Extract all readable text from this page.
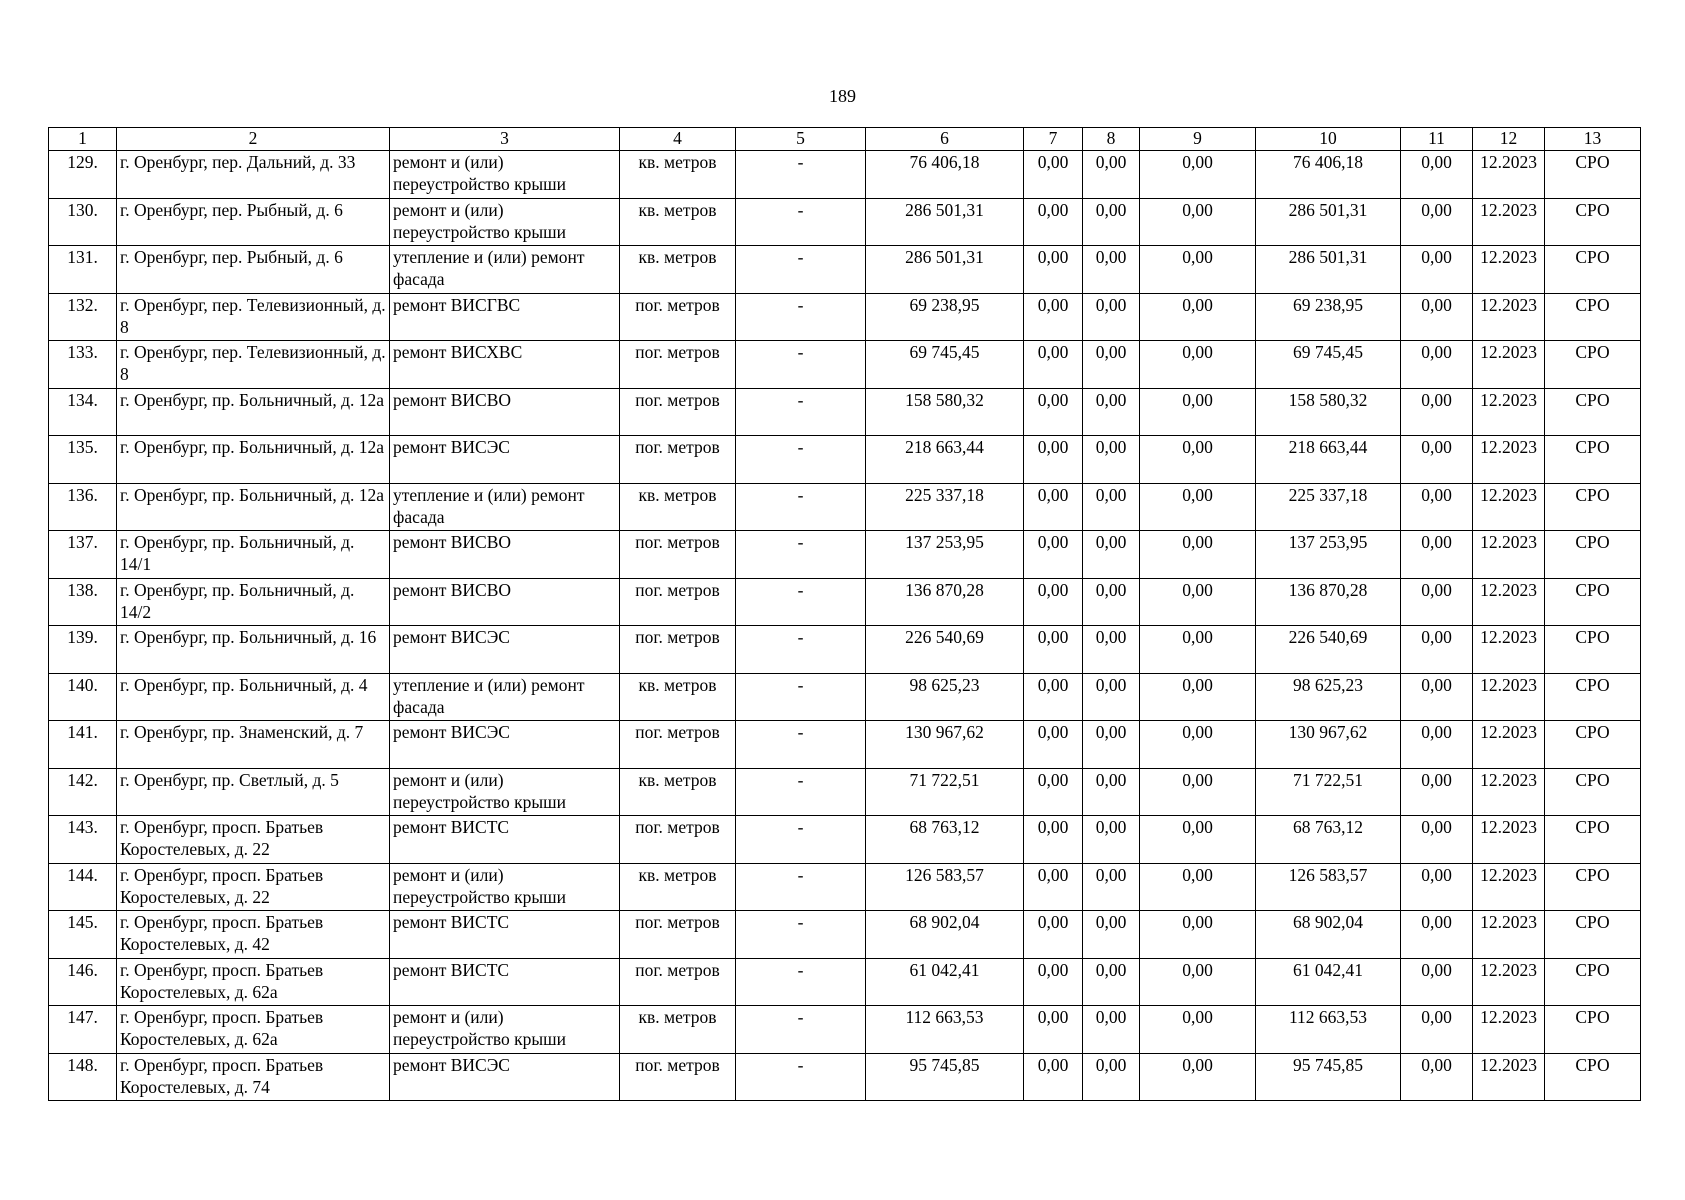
189
1	2	3	4	5	6	7	8	9	10	11	12	13
129.	г. Оренбург, пер. Дальний, д. 33	ремонт и (или) переустройство крыши	кв. метров	-	76 406,18	0,00	0,00	0,00	76 406,18	0,00	12.2023	СРО
130.	г. Оренбург, пер. Рыбный, д. 6	ремонт и (или) переустройство крыши	кв. метров	-	286 501,31	0,00	0,00	0,00	286 501,31	0,00	12.2023	СРО
131.	г. Оренбург, пер. Рыбный, д. 6	утепление и (или) ремонт фасада	кв. метров	-	286 501,31	0,00	0,00	0,00	286 501,31	0,00	12.2023	СРО
132.	г. Оренбург, пер. Телевизионный, д. 8	ремонт ВИСГВС	пог. метров	-	69 238,95	0,00	0,00	0,00	69 238,95	0,00	12.2023	СРО
133.	г. Оренбург, пер. Телевизионный, д. 8	ремонт ВИСХВС	пог. метров	-	69 745,45	0,00	0,00	0,00	69 745,45	0,00	12.2023	СРО
134.	г. Оренбург, пр. Больничный, д. 12а	ремонт ВИСВО	пог. метров	-	158 580,32	0,00	0,00	0,00	158 580,32	0,00	12.2023	СРО
135.	г. Оренбург, пр. Больничный, д. 12а	ремонт ВИСЭС	пог. метров	-	218 663,44	0,00	0,00	0,00	218 663,44	0,00	12.2023	СРО
136.	г. Оренбург, пр. Больничный, д. 12а	утепление и (или) ремонт фасада	кв. метров	-	225 337,18	0,00	0,00	0,00	225 337,18	0,00	12.2023	СРО
137.	г. Оренбург, пр. Больничный, д. 14/1	ремонт ВИСВО	пог. метров	-	137 253,95	0,00	0,00	0,00	137 253,95	0,00	12.2023	СРО
138.	г. Оренбург, пр. Больничный, д. 14/2	ремонт ВИСВО	пог. метров	-	136 870,28	0,00	0,00	0,00	136 870,28	0,00	12.2023	СРО
139.	г. Оренбург, пр. Больничный, д. 16	ремонт ВИСЭС	пог. метров	-	226 540,69	0,00	0,00	0,00	226 540,69	0,00	12.2023	СРО
140.	г. Оренбург, пр. Больничный, д. 4	утепление и (или) ремонт фасада	кв. метров	-	98 625,23	0,00	0,00	0,00	98 625,23	0,00	12.2023	СРО
141.	г. Оренбург, пр. Знаменский, д. 7	ремонт ВИСЭС	пог. метров	-	130 967,62	0,00	0,00	0,00	130 967,62	0,00	12.2023	СРО
142.	г. Оренбург, пр. Светлый, д. 5	ремонт и (или) переустройство крыши	кв. метров	-	71 722,51	0,00	0,00	0,00	71 722,51	0,00	12.2023	СРО
143.	г. Оренбург, просп. Братьев Коростелевых, д. 22	ремонт ВИСТС	пог. метров	-	68 763,12	0,00	0,00	0,00	68 763,12	0,00	12.2023	СРО
144.	г. Оренбург, просп. Братьев Коростелевых, д. 22	ремонт и (или) переустройство крыши	кв. метров	-	126 583,57	0,00	0,00	0,00	126 583,57	0,00	12.2023	СРО
145.	г. Оренбург, просп. Братьев Коростелевых, д. 42	ремонт ВИСТС	пог. метров	-	68 902,04	0,00	0,00	0,00	68 902,04	0,00	12.2023	СРО
146.	г. Оренбург, просп. Братьев Коростелевых, д. 62а	ремонт ВИСТС	пог. метров	-	61 042,41	0,00	0,00	0,00	61 042,41	0,00	12.2023	СРО
147.	г. Оренбург, просп. Братьев Коростелевых, д. 62а	ремонт и (или) переустройство крыши	кв. метров	-	112 663,53	0,00	0,00	0,00	112 663,53	0,00	12.2023	СРО
148.	г. Оренбург, просп. Братьев Коростелевых, д. 74	ремонт ВИСЭС	пог. метров	-	95 745,85	0,00	0,00	0,00	95 745,85	0,00	12.2023	СРО
